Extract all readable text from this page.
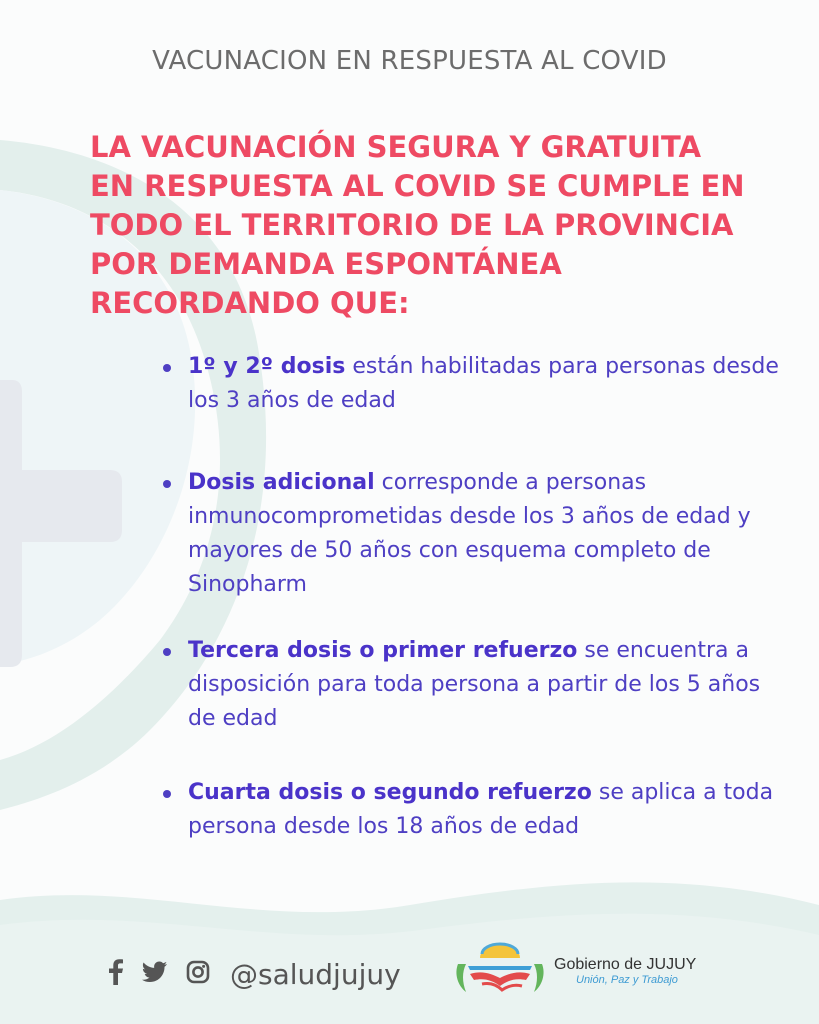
VACUNACION EN RESPUESTA AL COVID
LA VACUNACIÓN SEGURA Y GRATUITA
EN RESPUESTA AL COVID SE CUMPLE EN
TODO EL TERRITORIO DE LA PROVINCIA
POR DEMANDA ESPONTÁNEA
RECORDANDO QUE:
1º y 2º dosis están habilitadas para personas desde los 3 años de edad
Dosis adicional corresponde a personas inmunocomprometidas desde los 3 años de edad y mayores de 50 años con esquema completo de Sinopharm
Tercera dosis o primer refuerzo se encuentra a disposición para toda persona a partir de los 5 años de edad
Cuarta dosis o segundo refuerzo se aplica a toda persona desde los 18 años de edad
@saludjujuy	Gobierno de JUJUY
Unión, Paz y Trabajo
